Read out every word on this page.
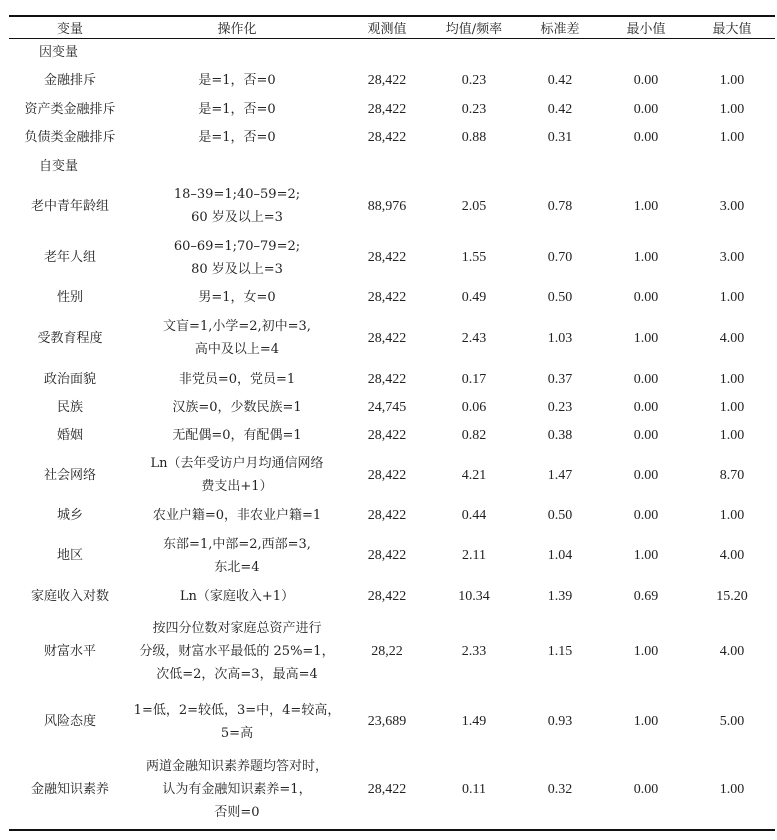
变量	操作化	观测值	均值/频率	标准差	最小值	最大值
因变量						
金融排斥	是=1，否=0	28,422	0.23	0.42	0.00	1.00
资产类金融排斥	是=1，否=0	28,422	0.23	0.42	0.00	1.00
负债类金融排斥	是=1，否=0	28,422	0.88	0.31	0.00	1.00
自变量						
老中青年龄组	18–39=1;40–59=2;
60 岁及以上=3	88,976	2.05	0.78	1.00	3.00
老年人组	60–69=1;70–79=2;
80 岁及以上=3	28,422	1.55	0.70	1.00	3.00
性别	男=1，女=0	28,422	0.49	0.50	0.00	1.00
受教育程度	文盲=1,小学=2,初中=3,
高中及以上=4	28,422	2.43	1.03	1.00	4.00
政治面貌	非党员=0，党员=1	28,422	0.17	0.37	0.00	1.00
民族	汉族=0，少数民族=1	24,745	0.06	0.23	0.00	1.00
婚姻	无配偶=0，有配偶=1	28,422	0.82	0.38	0.00	1.00
社会网络	Ln（去年受访户月均通信网络
费支出+1）	28,422	4.21	1.47	0.00	8.70
城乡	农业户籍=0，非农业户籍=1	28,422	0.44	0.50	0.00	1.00
地区	东部=1,中部=2,西部=3,
东北=4	28,422	2.11	1.04	1.00	4.00
家庭收入对数	Ln（家庭收入+1）	28,422	10.34	1.39	0.69	15.20
财富水平	按四分位数对家庭总资产进行
分级，财富水平最低的 25%=1，
次低=2，次高=3，最高=4	28,22	2.33	1.15	1.00	4.00
风险态度	1=低，2=较低，3=中，4=较高，
5=高	23,689	1.49	0.93	1.00	5.00
金融知识素养	两道金融知识素养题均答对时，
认为有金融知识素养=1，
否则=0	28,422	0.11	0.32	0.00	1.00
